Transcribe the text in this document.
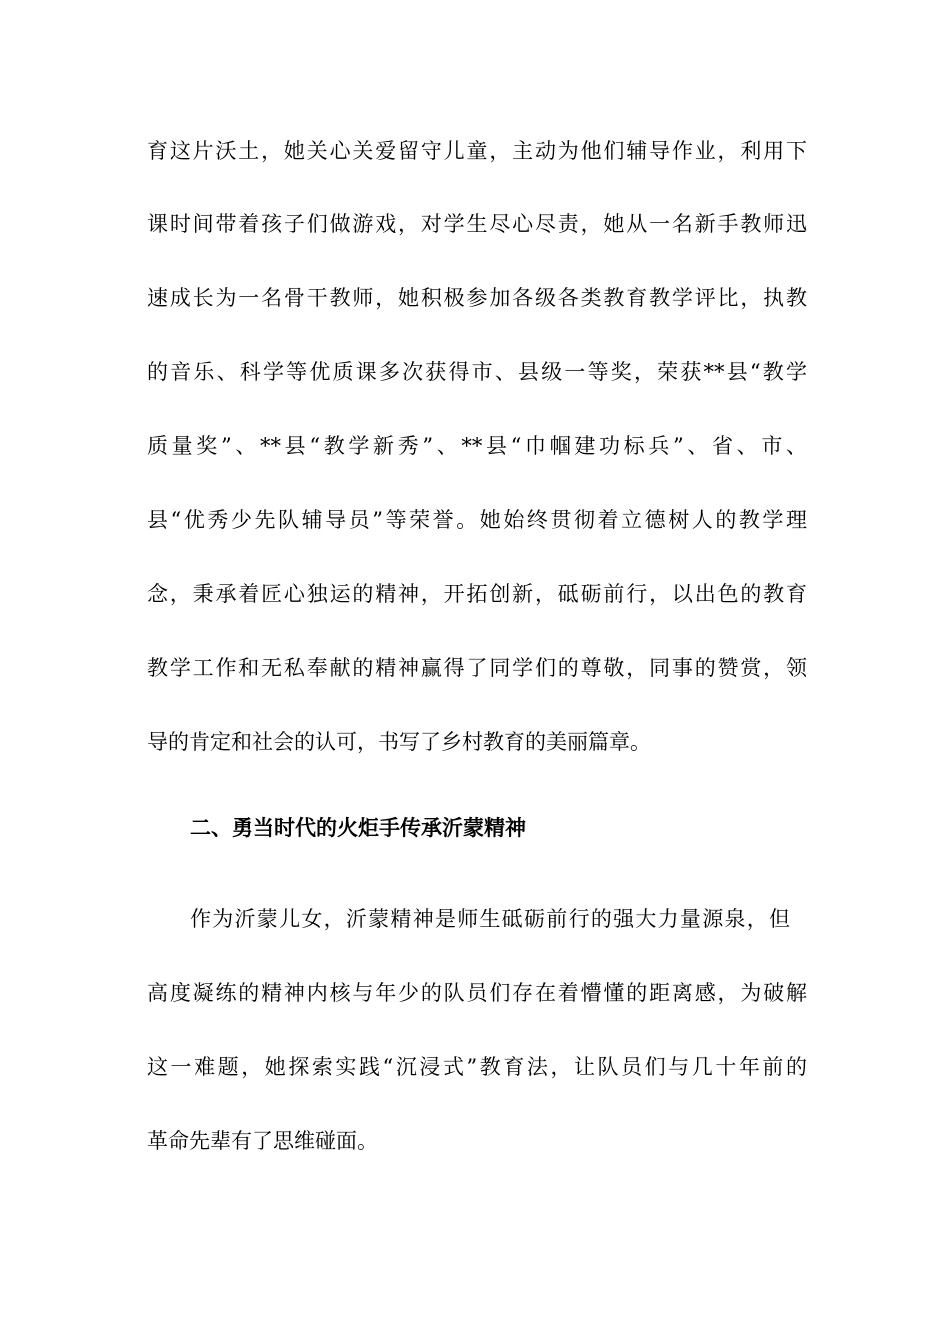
育这片沃土，她关心关爱留守儿童，主动为他们辅导作业，利用下
课时间带着孩子们做游戏，对学生尽心尽责，她从一名新手教师迅
速成长为一名骨干教师，她积极参加各级各类教育教学评比，执教
的音乐、科学等优质课多次获得市、县级一等奖，荣获**县“教学
质量奖”、**县“教学新秀”、**县“巾帼建功标兵”、省、市、
县“优秀少先队辅导员”等荣誉。她始终贯彻着立德树人的教学理
念，秉承着匠心独运的精神，开拓创新，砥砺前行，以出色的教育
教学工作和无私奉献的精神赢得了同学们的尊敬，同事的赞赏，领
导的肯定和社会的认可，书写了乡村教育的美丽篇章。
二、勇当时代的火炬手传承沂蒙精神
作为沂蒙儿女，沂蒙精神是师生砥砺前行的强大力量源泉，但
高度凝练的精神内核与年少的队员们存在着懵懂的距离感，为破解
这一难题，她探索实践“沉浸式”教育法，让队员们与几十年前的
革命先辈有了思维碰面。
